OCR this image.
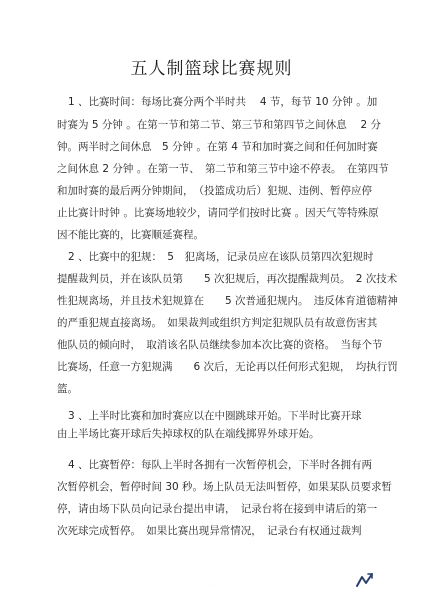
·
五人制篮球比赛规则
1 、比赛时间：每场比赛分两个半时共　 4 节，每节 10 分钟 。加
时赛为 5 分钟 。在第一节和第二节、第三节和第四节之间休息　 2 分
钟。两半时之间休息　5 分钟 。在第 4 节和加时赛之间和任何加时赛
之间休息 2 分钟 。在第一节、　第二节和第三节中途不停表。　在第四节
和加时赛的最后两分钟期间，　（投篮成功后）犯规、违例、暂停应停
止比赛计时钟 。比赛场地较少，请同学们按时比赛 。因天气等特殊原
因不能比赛的，比赛顺延赛程。
2 、比赛中的犯规：　5　犯离场，记录员应在该队员第四次犯规时
提醒裁判员，并在该队员第　　5 次犯规后，再次提醒裁判员。　2 次技术
性犯规离场，并且技术犯规算在　　5 次普通犯规内。　违反体育道德精神
的严重犯规直接离场。　如果裁判或组织方判定犯规队员有故意伤害其
他队员的倾向时，　取消该名队员继续参加本次比赛的资格。　当每个节
比赛场，任意一方犯规满　　6 次后，无论再以任何形式犯规，　均执行罚
篮。
3 、上半时比赛和加时赛应以在中圈跳球开始。下半时比赛开球
由上半场比赛开球后失掉球权的队在端线掷界外球开始。
4 、比赛暂停：每队上半时各拥有一次暂停机会，下半时各拥有两
次暂停机会，暂停时间 30 秒。场上队员无法叫暂停，如果某队员要求暂
停，请由场下队员向记录台提出申请，　记录台将在接到申请后的第一
次死球完成暂停。　如果比赛出现异常情况，　记录台有权通过裁判
· · ·
